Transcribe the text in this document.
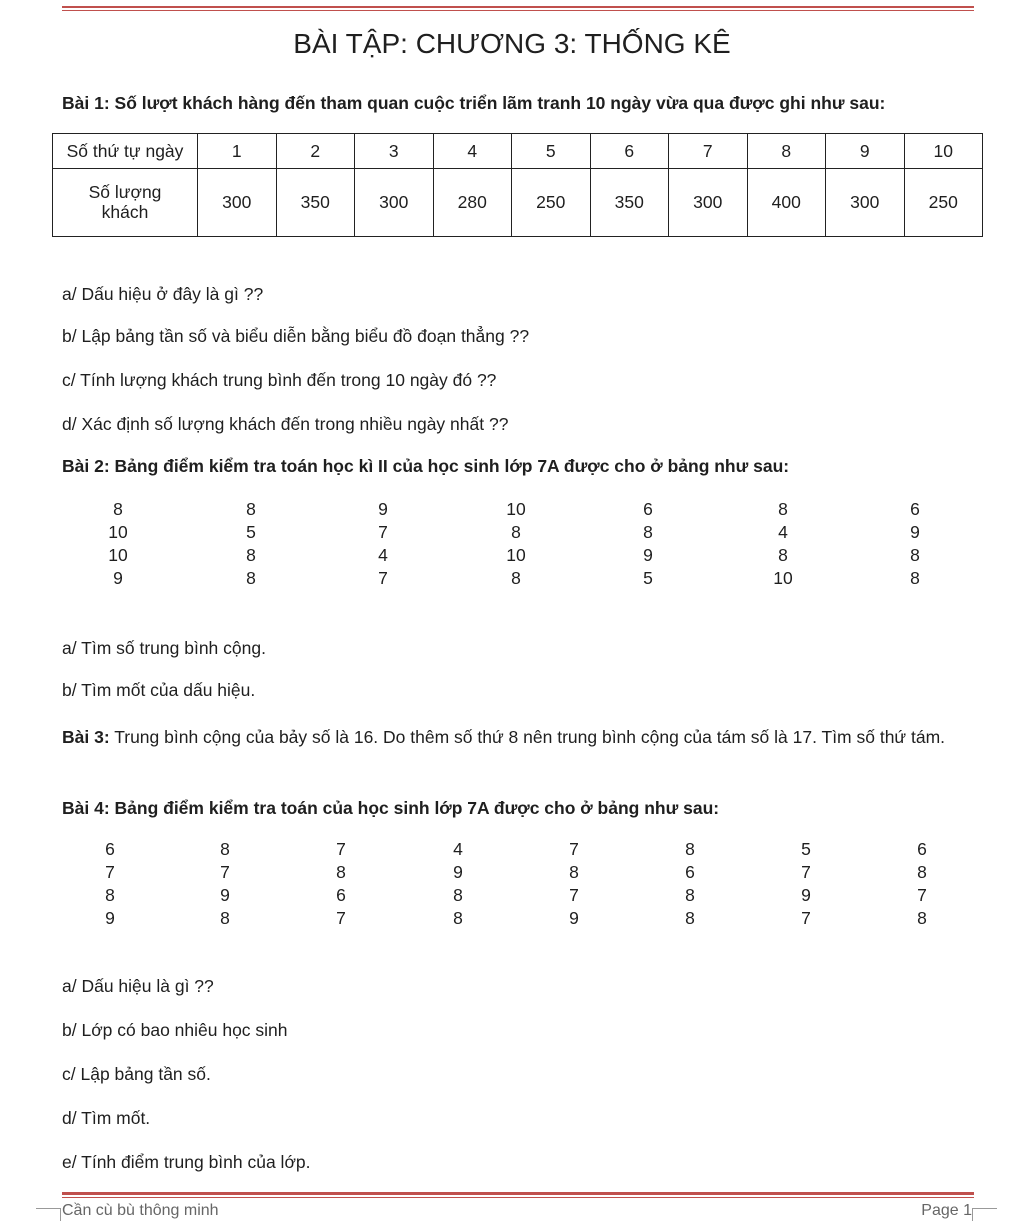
BÀI TẬP: CHƯƠNG 3: THỐNG KÊ
Bài 1: Số lượt khách hàng đến tham quan cuộc triển lãm tranh 10 ngày vừa qua được ghi như sau:
Số thứ tự ngày	1	2	3	4	5	6	7	8	9	10
Số lượng khách	300	350	300	280	250	350	300	400	300	250
a/ Dấu hiệu ở đây là gì ??
b/ Lập bảng tần số và biểu diễn bằng biểu đồ đoạn thẳng ??
c/ Tính lượng khách trung bình đến trong 10 ngày đó ??
d/ Xác định số lượng khách đến trong nhiều ngày nhất ??
Bài 2: Bảng điểm kiểm tra toán học kì II của học sinh lớp 7A được cho ở bảng như sau:
8	8	9	10	6	8	6
10	5	7	8	8	4	9
10	8	4	10	9	8	8
9	8	7	8	5	10	8
a/ Tìm số trung bình cộng.
b/ Tìm mốt của dấu hiệu.
Bài 3: Trung bình cộng của bảy số là 16. Do thêm số thứ 8 nên trung bình cộng của tám số là 17. Tìm số thứ tám.
Bài 4: Bảng điểm kiểm tra toán của học sinh lớp 7A được cho ở bảng như sau:
6	8	7	4	7	8	5	6
7	7	8	9	8	6	7	8
8	9	6	8	7	8	9	7
9	8	7	8	9	8	7	8
a/ Dấu hiệu là gì ??
b/ Lớp có bao nhiêu học sinh
c/ Lập bảng tần số.
d/ Tìm mốt.
e/ Tính điểm trung bình của lớp.
Cần cù bù thông minh	Page 1
